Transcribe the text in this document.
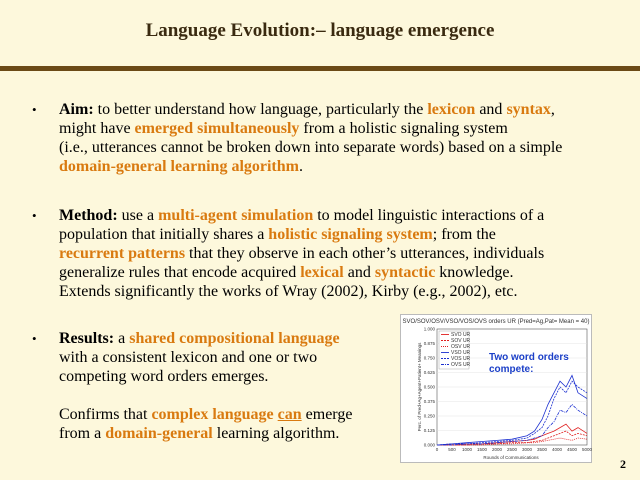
Language Evolution:– language emergence
• Aim: to better understand how language, particularly the lexicon and syntax,
might have emerged simultaneously from a holistic signaling system
(i.e., utterances cannot be broken down into separate words) based on a simple
domain-general learning algorithm.
• Method: use a multi-agent simulation to model linguistic interactions of a
population that initially shares a holistic signaling system; from the
recurrent patterns that they observe in each other’s utterances, individuals
generalize rules that encode acquired lexical and syntactic knowledge.
Extends significantly the works of Wray (2002), Kirby (e.g., 2002), etc.
• Results: a shared compositional language
with a consistent lexicon and one or two
competing word orders emerges.
Confirms that complex language can emerge
from a domain-general learning algorithm.
SVO/SOV/OSV/VSO/VOS/OVS orders UR (Pred=Ag,Pat= Mean = 40)
0.000
0.125
0.250
0.375
0.500
0.625
0.750
0.875
1.000
0 500 1000 1500 2000 2500 3000 3500 4000 4500 5000
SVO UR
SOV UR
OSV UR
VSO UR
VOS UR
OVS UR
Rounds of Communications
Perc. of Pred+Ag+Agent+Patient+ Meanings	Two word orders compete:
2
